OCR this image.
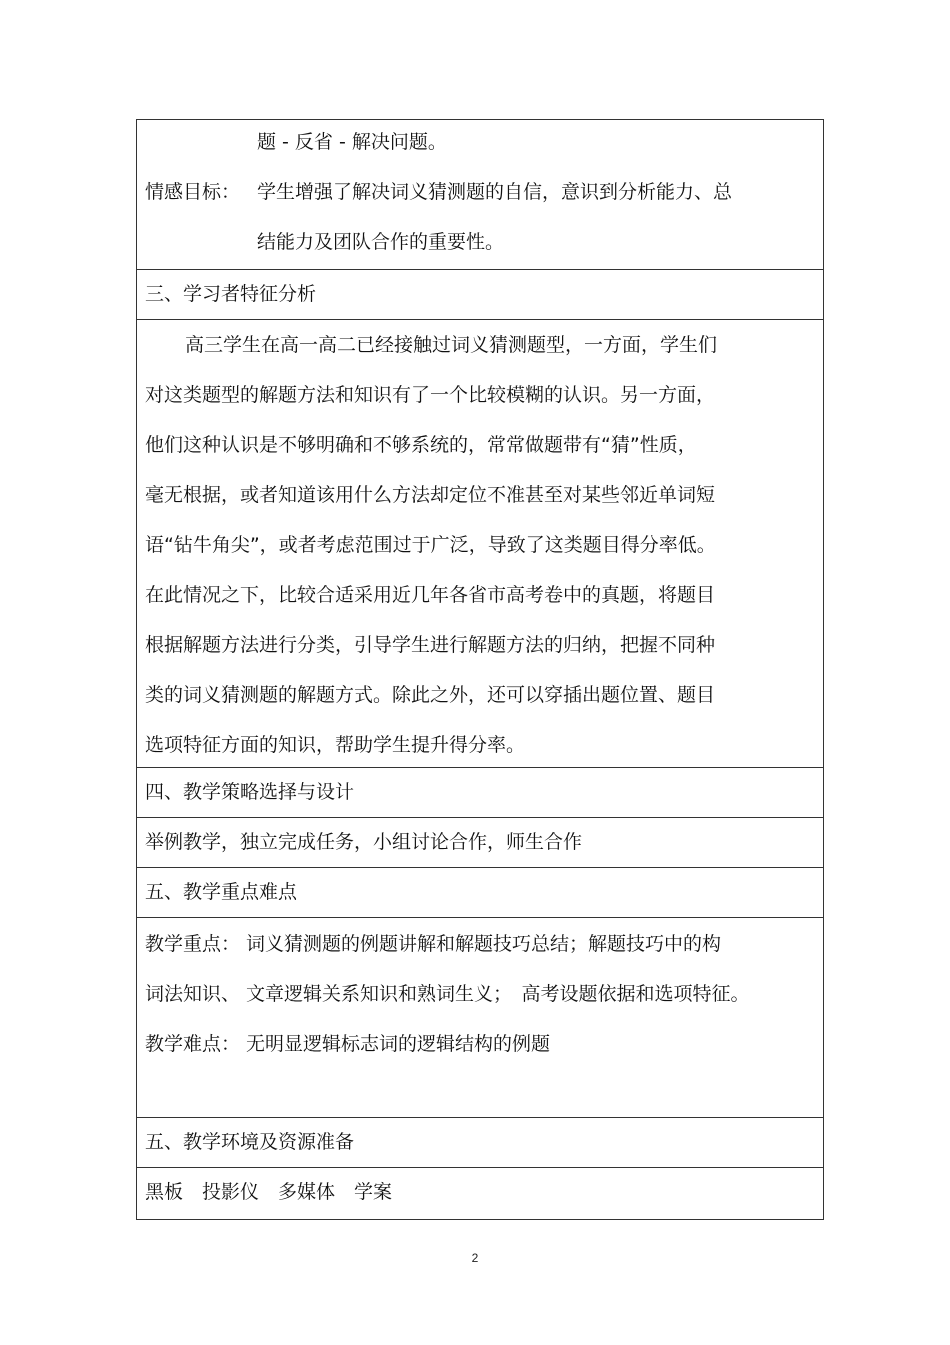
题 - 反省 - 解决问题。
情感目标： 学生增强了解决词义猜测题的自信，意识到分析能力、总
结能力及团队合作的重要性。
三、学习者特征分析
高三学生在高一高二已经接触过词义猜测题型，一方面，学生们
对这类题型的解题方法和知识有了一个比较模糊的认识。另一方面，
他们这种认识是不够明确和不够系统的，常常做题带有“猜”性质，
毫无根据，或者知道该用什么方法却定位不准甚至对某些邻近单词短
语“钻牛角尖”，或者考虑范围过于广泛，导致了这类题目得分率低。
在此情况之下，比较合适采用近几年各省市高考卷中的真题，将题目
根据解题方法进行分类，引导学生进行解题方法的归纳，把握不同种
类的词义猜测题的解题方式。除此之外，还可以穿插出题位置、题目
选项特征方面的知识，帮助学生提升得分率。
四、教学策略选择与设计
举例教学，独立完成任务，小组讨论合作，师生合作
五、教学重点难点
教学重点： 词义猜测题的例题讲解和解题技巧总结；解题技巧中的构
词法知识、 文章逻辑关系知识和熟词生义；　高考设题依据和选项特征。
教学难点： 无明显逻辑标志词的逻辑结构的例题
五、教学环境及资源准备
黑板　投影仪　多媒体　学案
2
